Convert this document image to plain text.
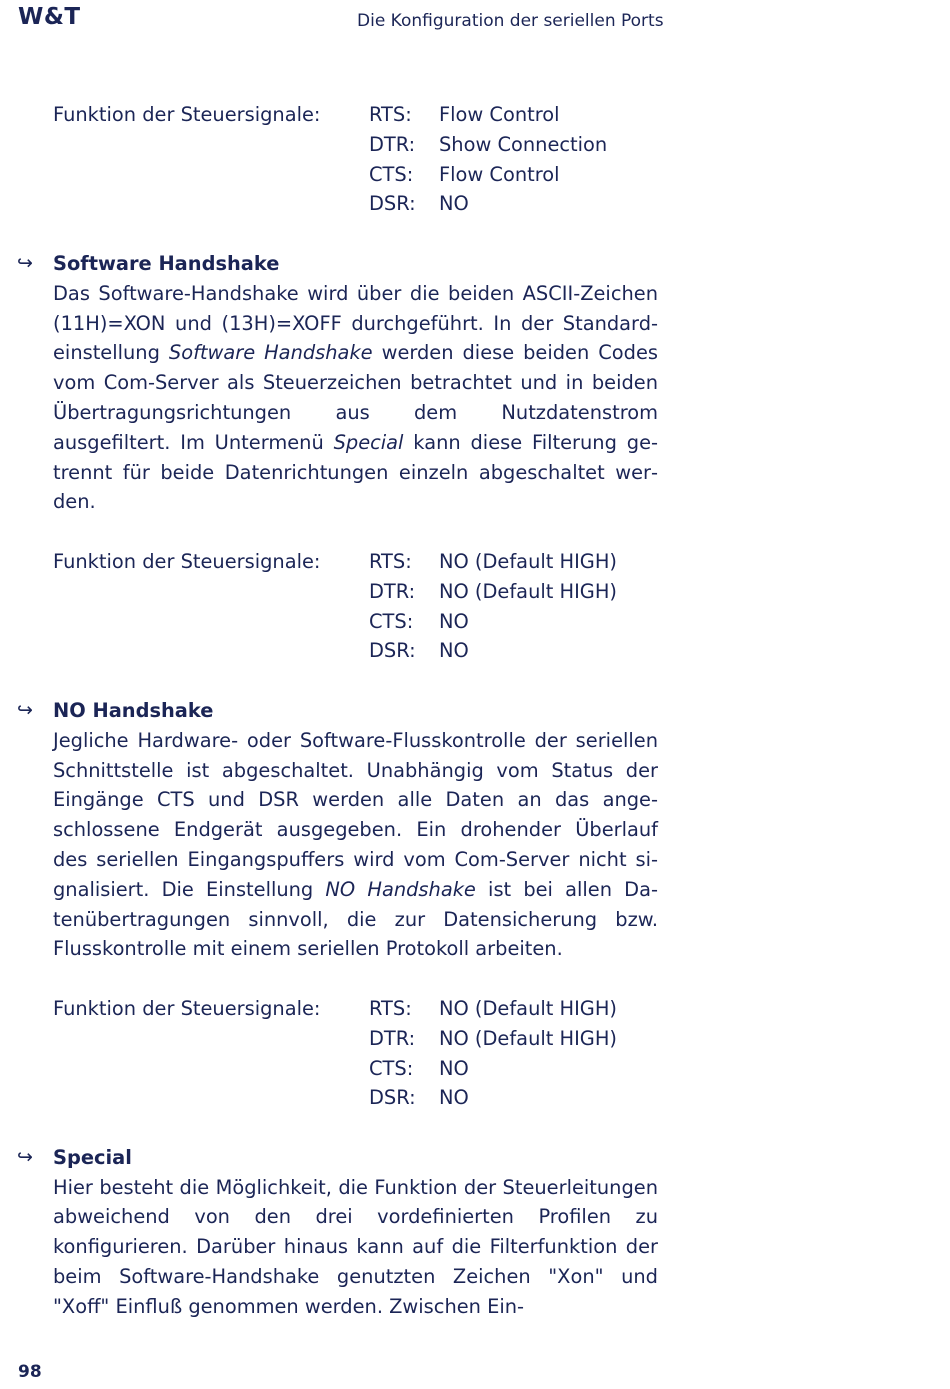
W&T	Die Konfiguration der seriellen Ports
Funktion der Steuersignale:	RTS:	Flow Control
DTR:	Show Connection
CTS:	Flow Control
DSR:	NO
↪ Software Handshake
Das Software-Handshake wird über die beiden ASCII-Zeichen (11H)=XON und (13H)=XOFF durchgeführt. In der Standardeinstellung Software Handshake werden diese beiden Codes vom Com-Server als Steuerzeichen betrachtet und in beiden Übertragungsrichtungen aus dem Nutzdatenstrom ausgefiltert. Im Untermenü Special kann diese Filterung getrennt für beide Datenrichtungen einzeln abgeschaltet werden.
Funktion der Steuersignale:	RTS:	NO (Default HIGH)
DTR:	NO (Default HIGH)
CTS:	NO
DSR:	NO
↪ NO Handshake
Jegliche Hardware- oder Software-Flusskontrolle der seriellen Schnittstelle ist abgeschaltet. Unabhängig vom Status der Eingänge CTS und DSR werden alle Daten an das angeschlossene Endgerät ausgegeben. Ein drohender Überlauf des seriellen Eingangspuffers wird vom Com-Server nicht signalisiert. Die Einstellung NO Handshake ist bei allen Datenübertragungen sinnvoll, die zur Datensicherung bzw. Flusskontrolle mit einem seriellen Protokoll arbeiten.
Funktion der Steuersignale:	RTS:	NO (Default HIGH)
DTR:	NO (Default HIGH)
CTS:	NO
DSR:	NO
↪ Special
Hier besteht die Möglichkeit, die Funktion der Steuerleitungen abweichend von den drei vordefinierten Profilen zu konfigurieren. Darüber hinaus kann auf die Filterfunktion der beim Software-Handshake genutzten Zeichen "Xon" und "Xoff" Einfluß genommen werden. Zwischen Ein-
98
